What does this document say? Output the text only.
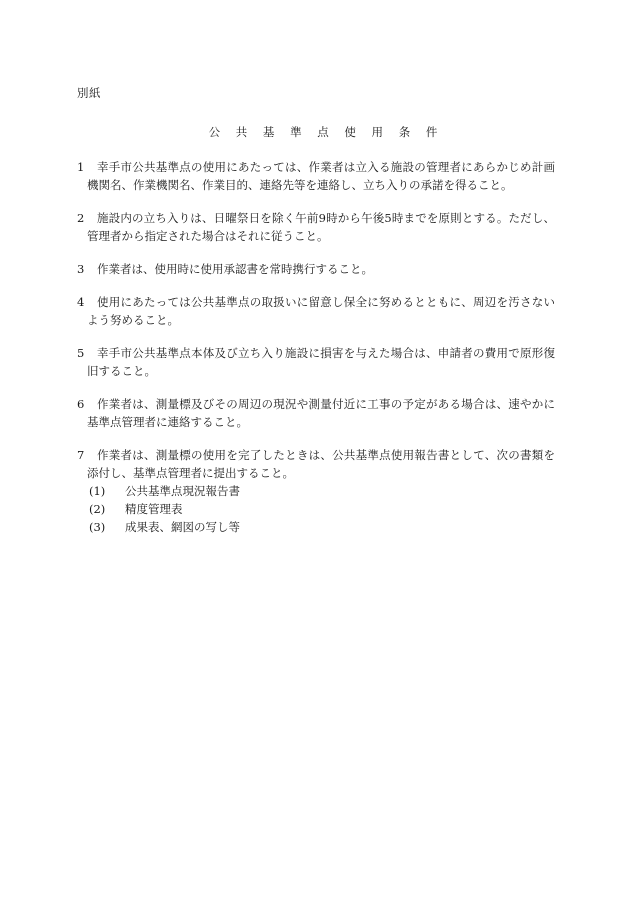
別紙
公 共 基 準 点 使 用 条 件
1	幸手市公共基準点の使用にあたっては、作業者は立入る施設の管理者にあらかじめ計画機関名、作業機関名、作業目的、連絡先等を連絡し、立ち入りの承諾を得ること。
2	施設内の立ち入りは、日曜祭日を除く午前9時から午後5時までを原則とする。ただし、管理者から指定された場合はそれに従うこと。
3	作業者は、使用時に使用承認書を常時携行すること。
4	使用にあたっては公共基準点の取扱いに留意し保全に努めるとともに、周辺を汚さないよう努めること。
5	幸手市公共基準点本体及び立ち入り施設に損害を与えた場合は、申請者の費用で原形復旧すること。
6	作業者は、測量標及びその周辺の現況や測量付近に工事の予定がある場合は、速やかに基準点管理者に連絡すること。
7	作業者は、測量標の使用を完了したときは、公共基準点使用報告書として、次の書類を添付し、基準点管理者に提出すること。
(1) 公共基準点現況報告書
(2) 精度管理表
(3) 成果表、網図の写し等
